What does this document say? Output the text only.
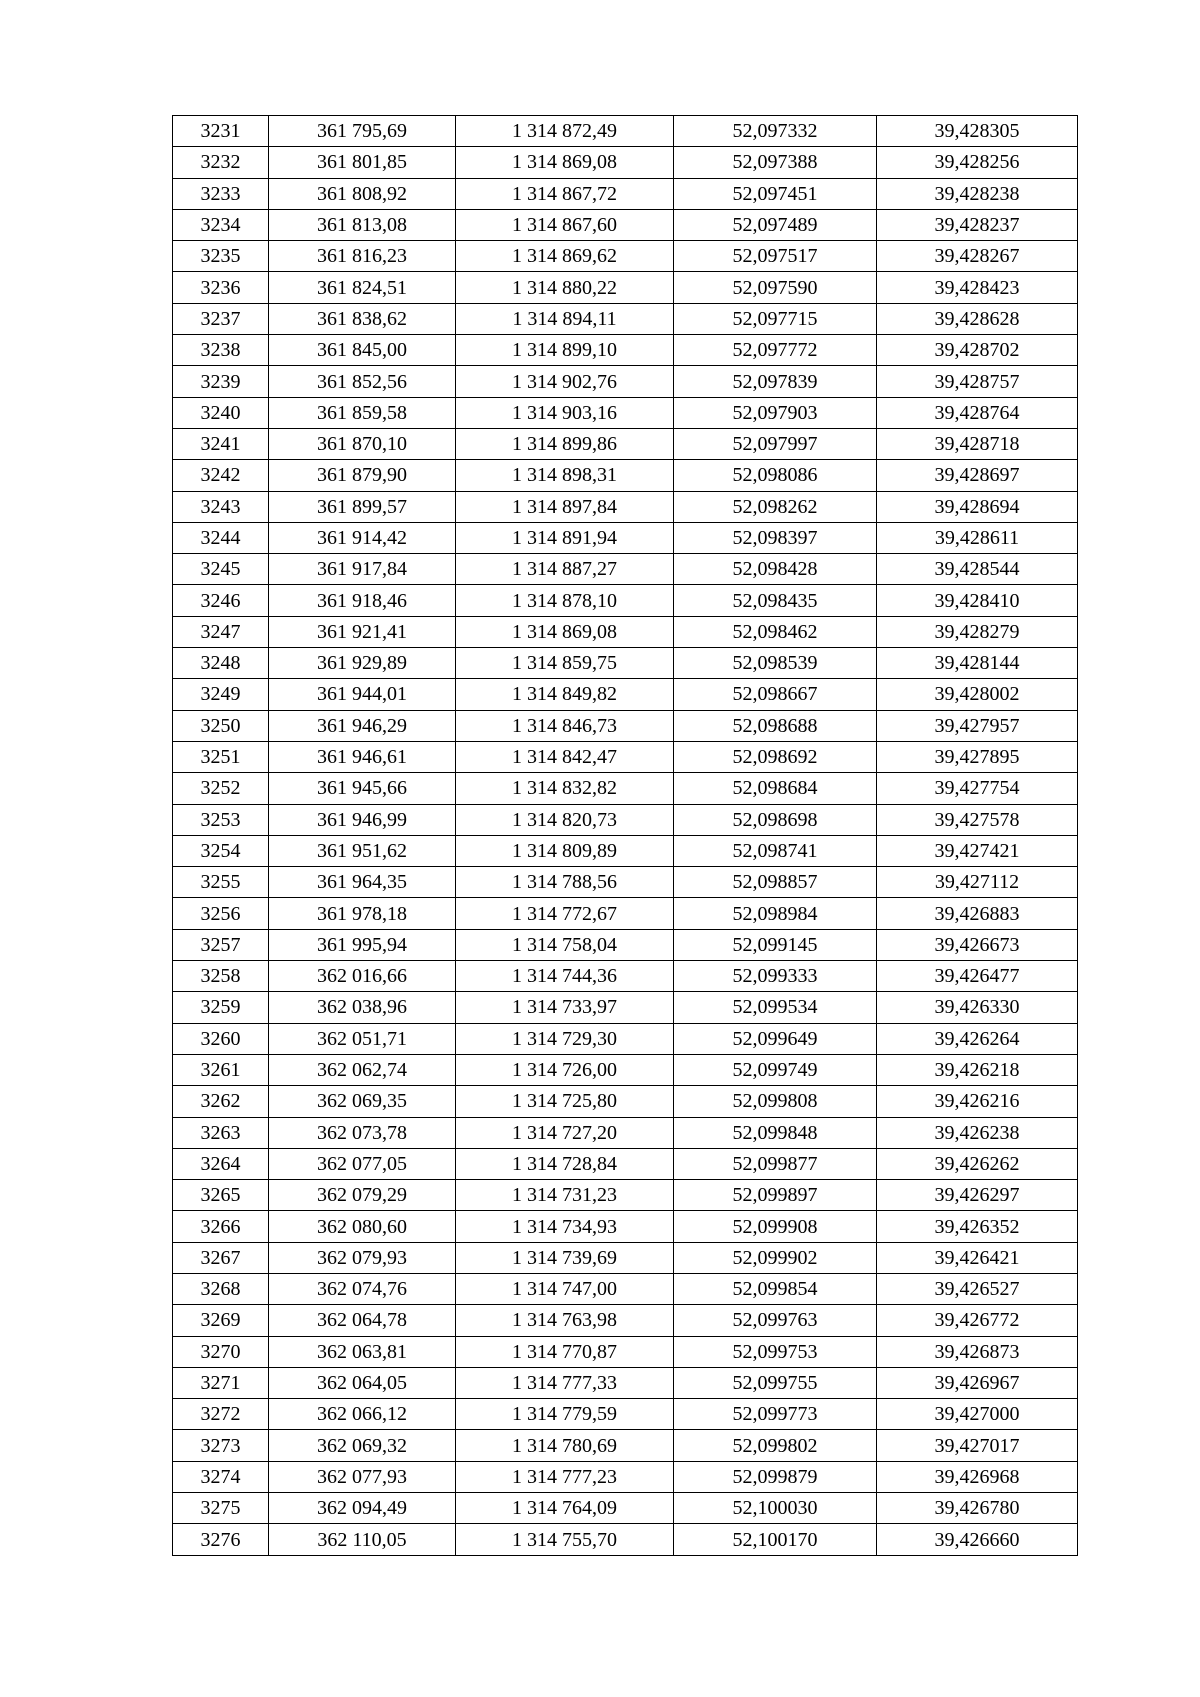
3231	361 795,69	1 314 872,49	52,097332	39,428305
3232	361 801,85	1 314 869,08	52,097388	39,428256
3233	361 808,92	1 314 867,72	52,097451	39,428238
3234	361 813,08	1 314 867,60	52,097489	39,428237
3235	361 816,23	1 314 869,62	52,097517	39,428267
3236	361 824,51	1 314 880,22	52,097590	39,428423
3237	361 838,62	1 314 894,11	52,097715	39,428628
3238	361 845,00	1 314 899,10	52,097772	39,428702
3239	361 852,56	1 314 902,76	52,097839	39,428757
3240	361 859,58	1 314 903,16	52,097903	39,428764
3241	361 870,10	1 314 899,86	52,097997	39,428718
3242	361 879,90	1 314 898,31	52,098086	39,428697
3243	361 899,57	1 314 897,84	52,098262	39,428694
3244	361 914,42	1 314 891,94	52,098397	39,428611
3245	361 917,84	1 314 887,27	52,098428	39,428544
3246	361 918,46	1 314 878,10	52,098435	39,428410
3247	361 921,41	1 314 869,08	52,098462	39,428279
3248	361 929,89	1 314 859,75	52,098539	39,428144
3249	361 944,01	1 314 849,82	52,098667	39,428002
3250	361 946,29	1 314 846,73	52,098688	39,427957
3251	361 946,61	1 314 842,47	52,098692	39,427895
3252	361 945,66	1 314 832,82	52,098684	39,427754
3253	361 946,99	1 314 820,73	52,098698	39,427578
3254	361 951,62	1 314 809,89	52,098741	39,427421
3255	361 964,35	1 314 788,56	52,098857	39,427112
3256	361 978,18	1 314 772,67	52,098984	39,426883
3257	361 995,94	1 314 758,04	52,099145	39,426673
3258	362 016,66	1 314 744,36	52,099333	39,426477
3259	362 038,96	1 314 733,97	52,099534	39,426330
3260	362 051,71	1 314 729,30	52,099649	39,426264
3261	362 062,74	1 314 726,00	52,099749	39,426218
3262	362 069,35	1 314 725,80	52,099808	39,426216
3263	362 073,78	1 314 727,20	52,099848	39,426238
3264	362 077,05	1 314 728,84	52,099877	39,426262
3265	362 079,29	1 314 731,23	52,099897	39,426297
3266	362 080,60	1 314 734,93	52,099908	39,426352
3267	362 079,93	1 314 739,69	52,099902	39,426421
3268	362 074,76	1 314 747,00	52,099854	39,426527
3269	362 064,78	1 314 763,98	52,099763	39,426772
3270	362 063,81	1 314 770,87	52,099753	39,426873
3271	362 064,05	1 314 777,33	52,099755	39,426967
3272	362 066,12	1 314 779,59	52,099773	39,427000
3273	362 069,32	1 314 780,69	52,099802	39,427017
3274	362 077,93	1 314 777,23	52,099879	39,426968
3275	362 094,49	1 314 764,09	52,100030	39,426780
3276	362 110,05	1 314 755,70	52,100170	39,426660
